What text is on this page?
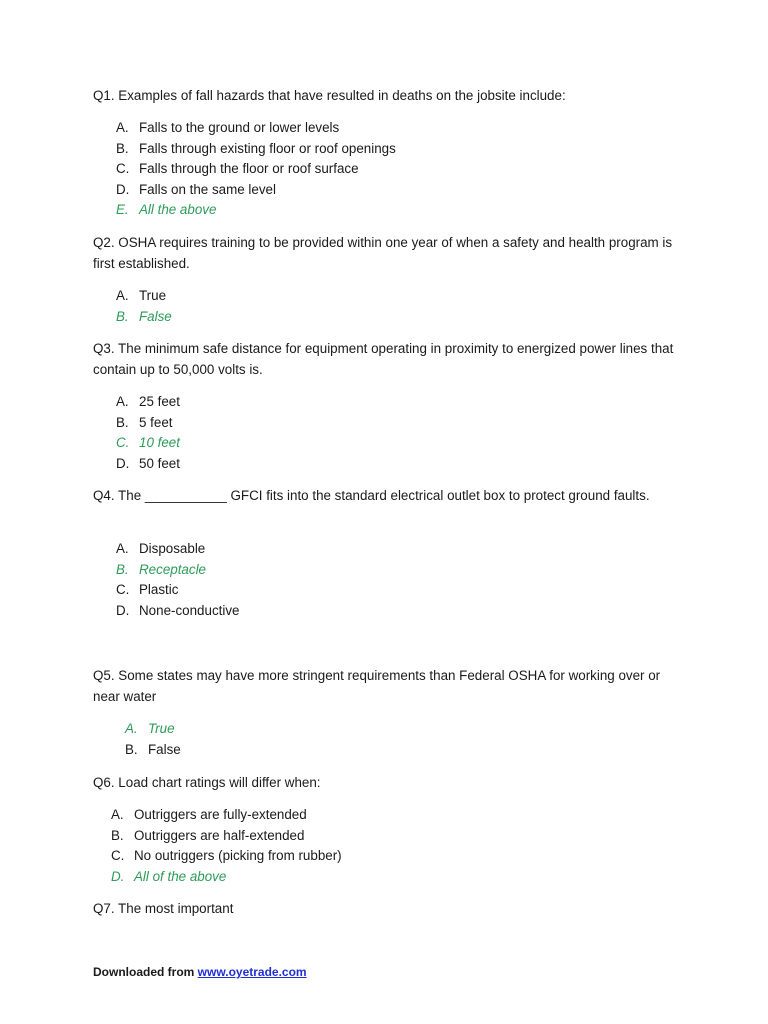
Q1. Examples of fall hazards that have resulted in deaths on the jobsite include:

A. Falls to the ground or lower levels
B. Falls through existing floor or roof openings
C. Falls through the floor or roof surface
D. Falls on the same level
E. All the above

Q2. OSHA requires training to be provided within one year of when a safety and health program is first established.

A. True
B. False

Q3. The minimum safe distance for equipment operating in proximity to energized power lines that contain up to 50,000 volts is.

A. 25 feet
B. 5 feet
C. 10 feet
D. 50 feet

Q4. The ___________ GFCI fits into the standard electrical outlet box to protect ground faults.

A. Disposable
B. Receptacle
C. Plastic
D. None-conductive

Q5. Some states may have more stringent requirements than Federal OSHA for working over or near water

A. True
B. False

Q6. Load chart ratings will differ when:

A. Outriggers are fully-extended
B. Outriggers are half-extended
C. No outriggers (picking from rubber)
D. All of the above

Q7. The most important

Downloaded from www.oyetrade.com
